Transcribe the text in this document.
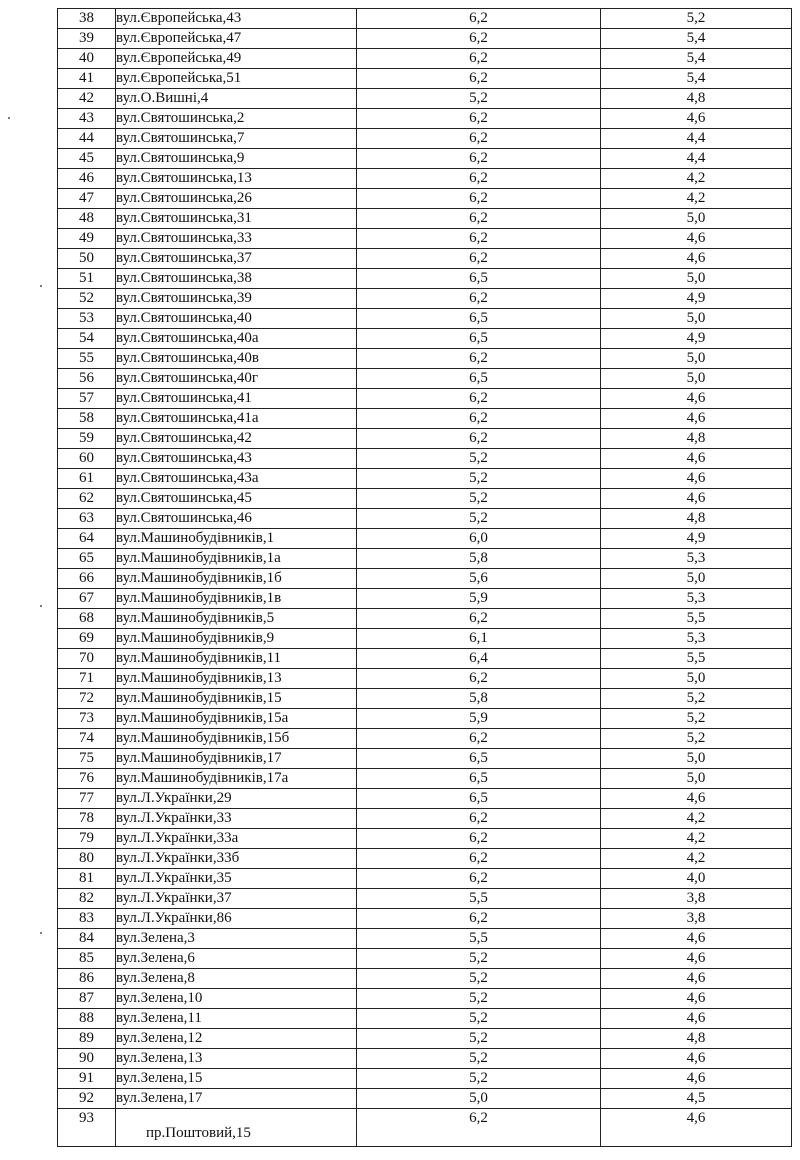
38	вул.Європейська,43	6,2	5,2
39	вул.Європейська,47	6,2	5,4
40	вул.Європейська,49	6,2	5,4
41	вул.Європейська,51	6,2	5,4
42	вул.О.Вишні,4	5,2	4,8
43	вул.Святошинська,2	6,2	4,6
44	вул.Святошинська,7	6,2	4,4
45	вул.Святошинська,9	6,2	4,4
46	вул.Святошинська,13	6,2	4,2
47	вул.Святошинська,26	6,2	4,2
48	вул.Святошинська,31	6,2	5,0
49	вул.Святошинська,33	6,2	4,6
50	вул.Святошинська,37	6,2	4,6
51	вул.Святошинська,38	6,5	5,0
52	вул.Святошинська,39	6,2	4,9
53	вул.Святошинська,40	6,5	5,0
54	вул.Святошинська,40а	6,5	4,9
55	вул.Святошинська,40в	6,2	5,0
56	вул.Святошинська,40г	6,5	5,0
57	вул.Святошинська,41	6,2	4,6
58	вул.Святошинська,41а	6,2	4,6
59	вул.Святошинська,42	6,2	4,8
60	вул.Святошинська,43	5,2	4,6
61	вул.Святошинська,43а	5,2	4,6
62	вул.Святошинська,45	5,2	4,6
63	вул.Святошинська,46	5,2	4,8
64	вул.Машинобудівників,1	6,0	4,9
65	вул.Машинобудівників,1а	5,8	5,3
66	вул.Машинобудівників,1б	5,6	5,0
67	вул.Машинобудівників,1в	5,9	5,3
68	вул.Машинобудівників,5	6,2	5,5
69	вул.Машинобудівників,9	6,1	5,3
70	вул.Машинобудівників,11	6,4	5,5
71	вул.Машинобудівників,13	6,2	5,0
72	вул.Машинобудівників,15	5,8	5,2
73	вул.Машинобудівників,15а	5,9	5,2
74	вул.Машинобудівників,15б	6,2	5,2
75	вул.Машинобудівників,17	6,5	5,0
76	вул.Машинобудівників,17а	6,5	5,0
77	вул.Л.Українки,29	6,5	4,6
78	вул.Л.Українки,33	6,2	4,2
79	вул.Л.Українки,33а	6,2	4,2
80	вул.Л.Українки,33б	6,2	4,2
81	вул.Л.Українки,35	6,2	4,0
82	вул.Л.Українки,37	5,5	3,8
83	вул.Л.Українки,86	6,2	3,8
84	вул.Зелена,3	5,5	4,6
85	вул.Зелена,6	5,2	4,6
86	вул.Зелена,8	5,2	4,6
87	вул.Зелена,10	5,2	4,6
88	вул.Зелена,11	5,2	4,6
89	вул.Зелена,12	5,2	4,8
90	вул.Зелена,13	5,2	4,6
91	вул.Зелена,15	5,2	4,6
92	вул.Зелена,17	5,0	4,5
93	пр.Поштовий,15	6,2	4,6
